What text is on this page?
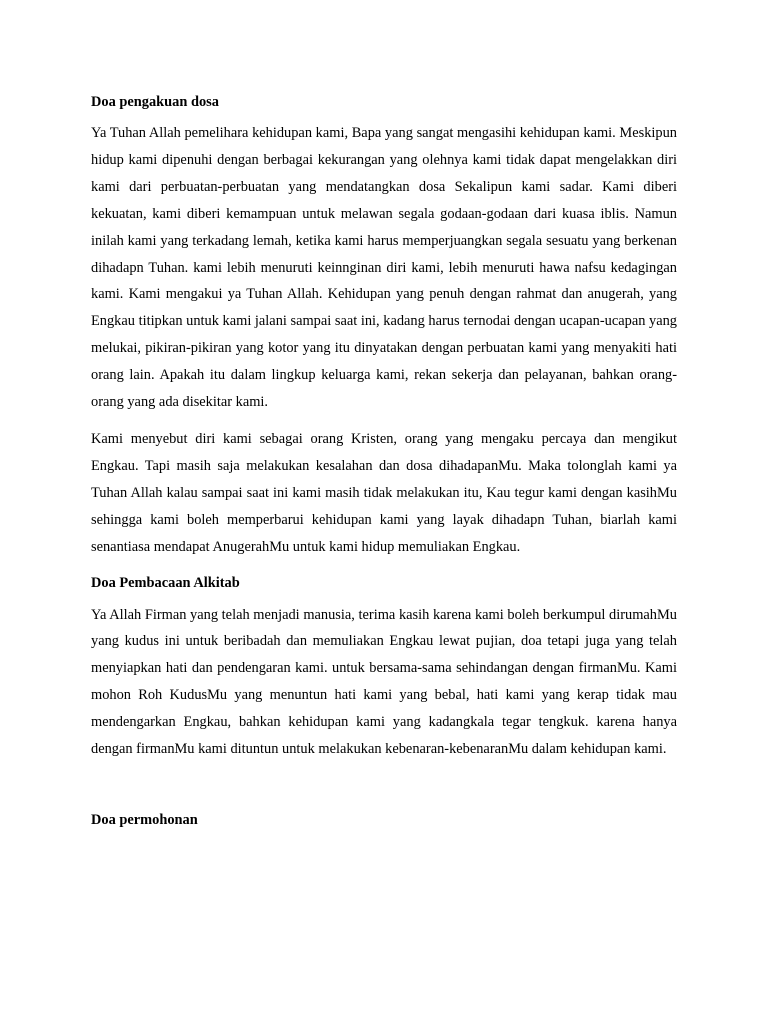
Doa pengakuan dosa

Ya Tuhan Allah pemelihara kehidupan kami, Bapa yang sangat mengasihi kehidupan kami. Meskipun hidup kami dipenuhi dengan berbagai kekurangan yang olehnya kami tidak dapat mengelakkan diri kami dari perbuatan-perbuatan yang mendatangkan dosa Sekalipun kami sadar. Kami diberi kekuatan, kami diberi kemampuan untuk melawan segala godaan-godaan dari kuasa iblis. Namun inilah kami yang terkadang lemah, ketika kami harus memperjuangkan segala sesuatu yang berkenan dihadapn Tuhan. kami lebih menuruti keinnginan diri kami, lebih menuruti hawa nafsu kedagingan kami. Kami mengakui ya Tuhan Allah. Kehidupan yang penuh dengan rahmat dan anugerah, yang Engkau titipkan untuk kami jalani sampai saat ini, kadang harus ternodai dengan ucapan-ucapan yang melukai, pikiran-pikiran yang kotor yang itu dinyatakan dengan perbuatan kami yang menyakiti hati orang lain. Apakah itu dalam lingkup keluarga kami, rekan sekerja dan pelayanan, bahkan orang-orang yang ada disekitar kami.

Kami menyebut diri kami sebagai orang Kristen, orang yang mengaku percaya dan mengikut Engkau. Tapi masih saja melakukan kesalahan dan dosa dihadapanMu. Maka tolonglah kami ya Tuhan Allah kalau sampai saat ini kami masih tidak melakukan itu, Kau tegur kami dengan kasihMu sehingga kami boleh memperbarui kehidupan kami yang layak dihadapn Tuhan, biarlah kami senantiasa mendapat AnugerahMu untuk kami hidup memuliakan Engkau.

Doa Pembacaan Alkitab

Ya Allah Firman yang telah menjadi manusia, terima kasih karena kami boleh berkumpul dirumahMu yang kudus ini untuk beribadah dan memuliakan Engkau lewat pujian, doa tetapi juga yang telah menyiapkan hati dan pendengaran kami. untuk bersama-sama sehindangan dengan firmanMu. Kami mohon Roh KudusMu yang menuntun hati kami yang bebal, hati kami yang kerap tidak mau mendengarkan Engkau, bahkan kehidupan kami yang kadangkala tegar tengkuk. karena hanya dengan firmanMu kami dituntun untuk melakukan kebenaran-kebenaranMu dalam kehidupan kami.

Doa permohonan
